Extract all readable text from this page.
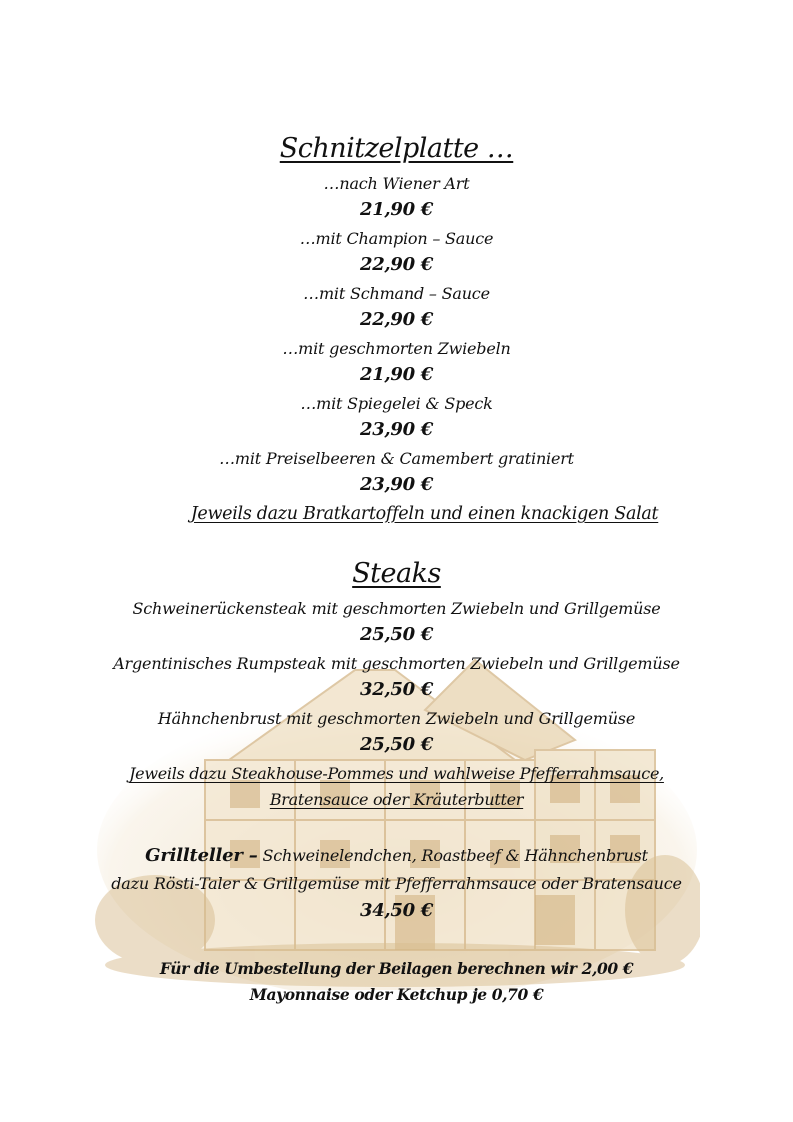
Schnitzelplatte …
…nach Wiener Art
21,90 €
…mit Champion – Sauce
22,90 €
…mit Schmand – Sauce
22,90 €
…mit geschmorten Zwiebeln
21,90 €
…mit Spiegelei & Speck
23,90 €
…mit Preiselbeeren & Camembert gratiniert
23,90 €
Jeweils dazu Bratkartoffeln und einen knackigen Salat
Steaks
Schweinerückensteak mit geschmorten Zwiebeln und Grillgemüse
25,50 €
Argentinisches Rumpsteak mit geschmorten Zwiebeln und Grillgemüse
32,50 €
Hähnchenbrust mit geschmorten Zwiebeln und Grillgemüse
25,50 €
Jeweils dazu Steakhouse-Pommes und wahlweise Pfefferrahmsauce,
Bratensauce oder Kräuterbutter
Grillteller – Schweinelendchen, Roastbeef & Hähnchenbrust
dazu Rösti-Taler & Grillgemüse mit Pfefferrahmsauce oder Bratensauce
34,50 €
Für die Umbestellung der Beilagen berechnen wir 2,00 €
Mayonnaise oder Ketchup je 0,70 €
